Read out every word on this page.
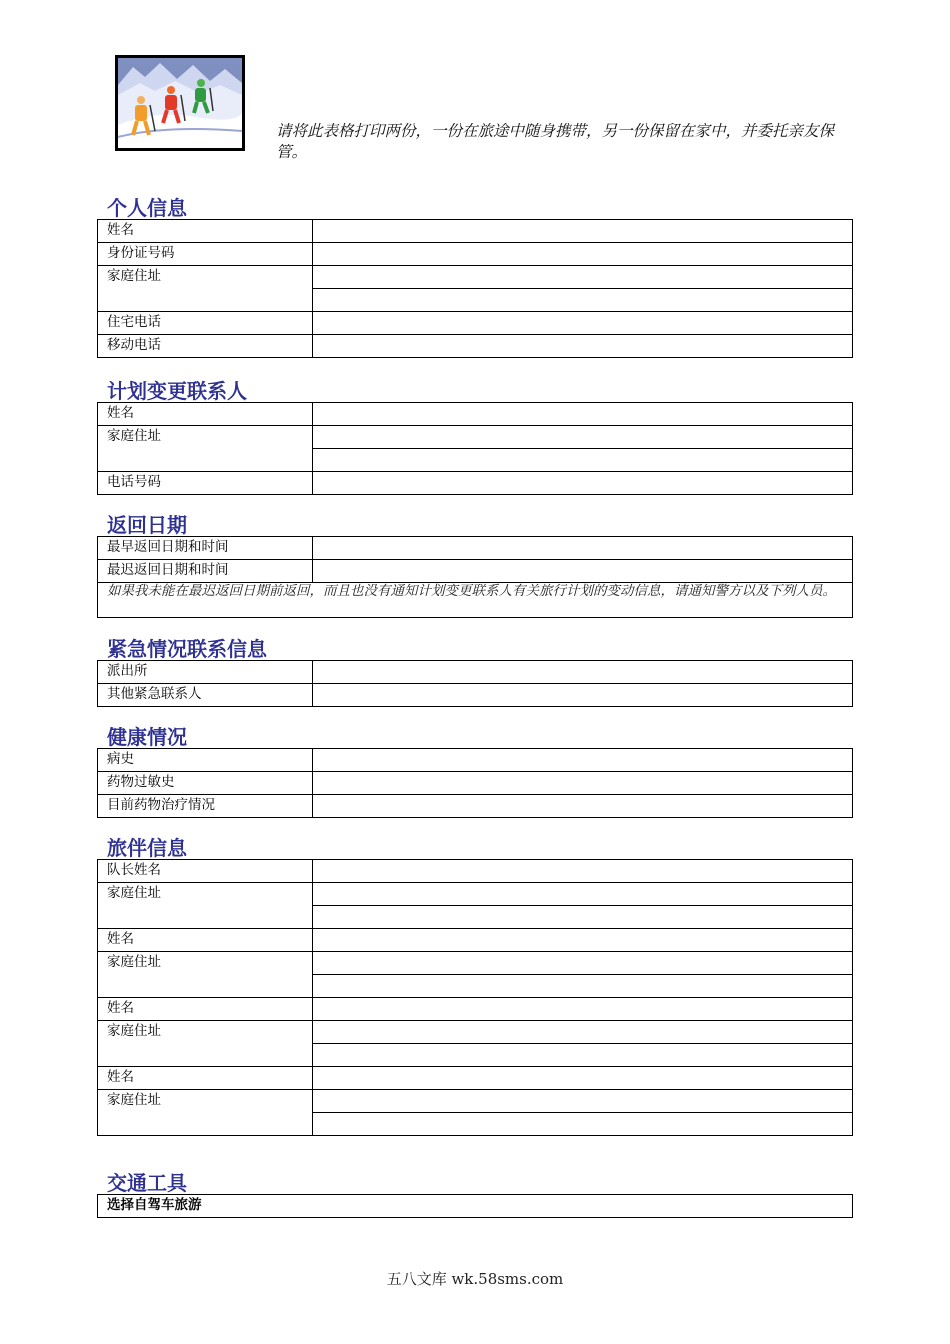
请将此表格打印两份，一份在旅途中随身携带，另一份保留在家中，并委托亲友保管。
个人信息
姓名	
身份证号码	
家庭住址	

住宅电话	
移动电话	
计划变更联系人
姓名	
家庭住址	

电话号码	
返回日期
最早返回日期和时间	
最迟返回日期和时间	
如果我未能在最迟返回日期前返回，而且也没有通知计划变更联系人有关旅行计划的变动信息，请通知警方以及下列人员。	
紧急情况联系信息
派出所	
其他紧急联系人	
健康情况
病史	
药物过敏史	
目前药物治疗情况	
旅伴信息
队长姓名	
家庭住址	

姓名	
家庭住址	

姓名	
家庭住址	

姓名	
家庭住址	

交通工具
选择自驾车旅游
五八文库 wk.58sms.com
